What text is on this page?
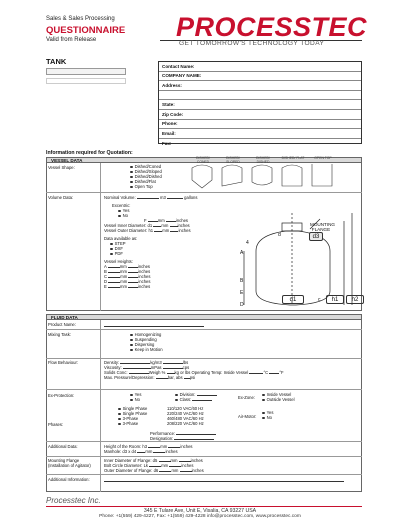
Sales & Sales Processing
QUESTIONNAIRE
Valid from Release	PROCESSTEC
GET TOMORROW'S TECHNOLOGY TODAY
TANK
Contact Name:
COMPANY NAME:
Address:
State:
Zip Code:
Phone:
Email:
Fax:
Information required for Quotation:
VESSEL DATA
Vessel Shape:	Dished/Coned
Dished/Sloped
Dished/Dished
Dished/Flat
Open Top
DISHED/ CONED
DISHED/ SLOPED
DISHED/ DISHED
DISHED/ FLAT	OPEN TOP
Volume Data:	Nominal Volume:	m3	gallons
Excentric:
Yes
No
F	mm	inches
Vessel Inner Diameter: d1 mm inches
Vessel Outer Diameter: h1 mm inches
Data available as:
STEP
DXF
PDF
Vessel Heights:
A	mm	inches
B	mm	inches
C	mm	inches
D	mm	inches
E	mm	inches
MOUNTING FLANGE
d3
d
d1	h1	h2
c
A
B
E
D
4
FLUID DATA
Product Name:
Mixing Task:	Homogenizing
Suspending
Dispersing
Keep in Motion
Flow Behaviour:	Density:	kg/m3	lbs
Viscosity:	mPas	cps
Solids Conc:	Weigh % kg or lbs Operating Temp: Inside Vessel	°C	°F
Max. Pressure/Depression:	bar, abs psi
Ex-Protection:	Yes
No
Division:
Class:	Ex-Zone:
Inside Vessel
Outside Vessel
Phases:
Single Phase
Single Phase
3-Phase
3-Phase
110/120 VAC/60 Hz
220/240 VAC/60 Hz
460/480 VAC/60 Hz
208/220 VAC/60 Hz
Air-Motor:
Yes
No
Performance:
Designation:
Additional Data:	Height of the Room: h3	mm	inches
Manhole: d3 x d4 mm	inches
Mounting Flange (Installation of Agitator)
Inner Diameter of Flange: d5	mm	inches
Bolt Circle Diameter: Lk	mm	inches
Outer Diameter of Flange: d6	mm	inches
Additional Information:
Processtec Inc.
345 E Tulare Ave, Unit E, Visalia, CA 93227 USA
Phone: +1(559) 429-4227, Fax: +1(559) 429-4228 info@processtec.com, www.processtec.com
